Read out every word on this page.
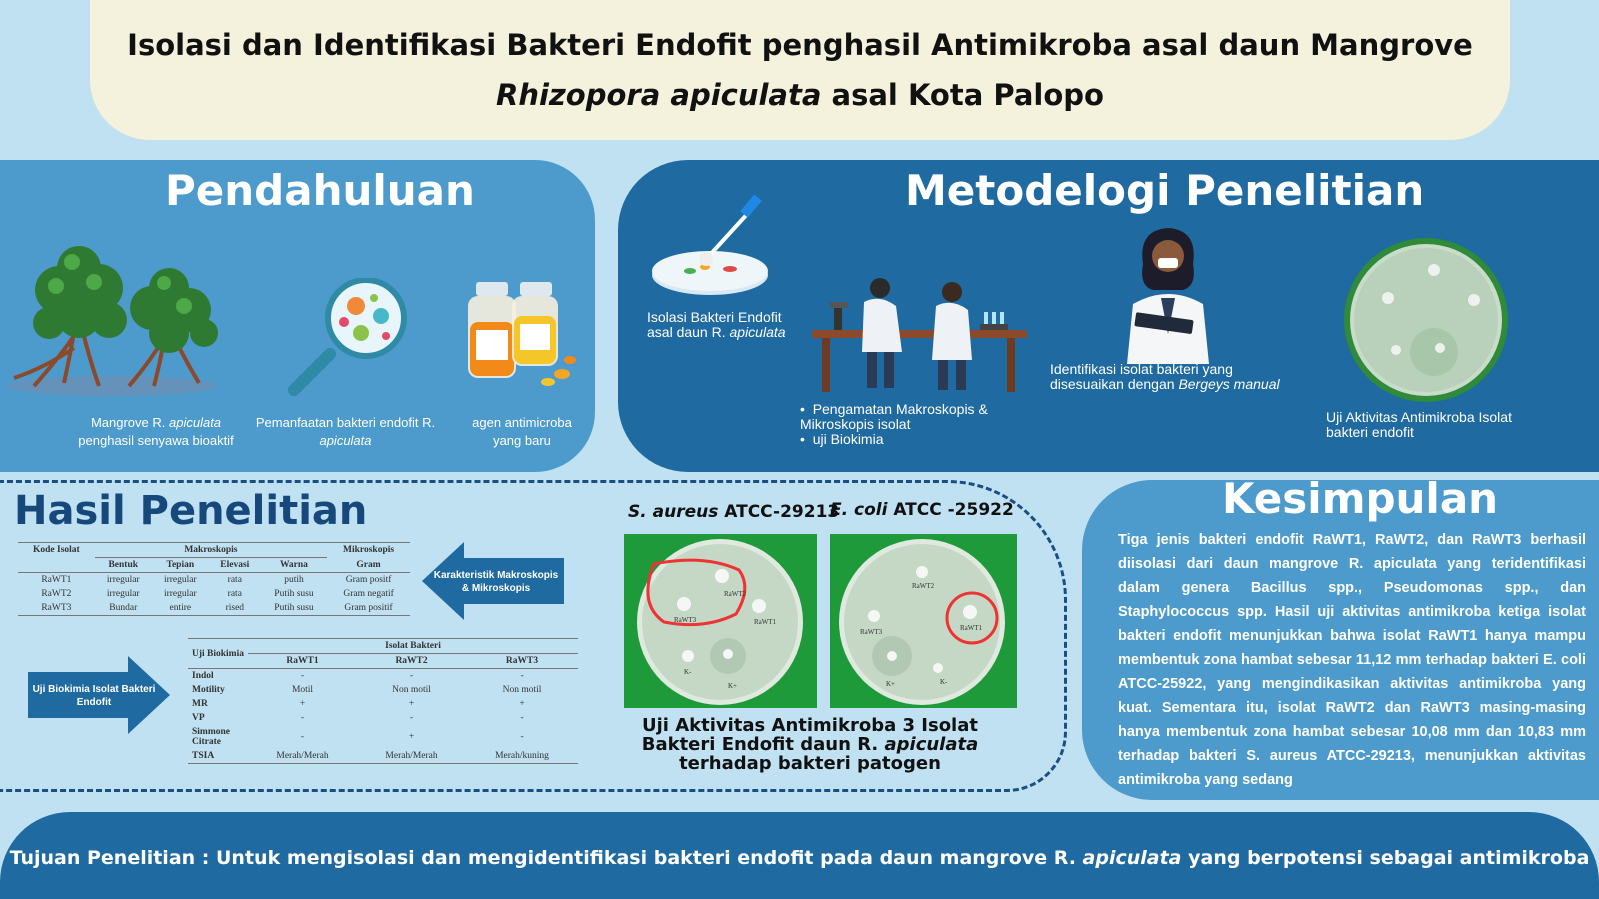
Isolasi dan Identifikasi Bakteri Endofit penghasil Antimikroba asal daun Mangrove
Rhizopora apiculata asal Kota Palopo
Pendahuluan
Mangrove R. apiculata
penghasil senyawa bioaktif
Pemanfaatan bakteri endofit R.
apiculata
agen antimicroba
yang baru
Metodelogi Penelitian
Isolasi Bakteri Endofit
asal daun R. apiculata
•  Pengamatan Makroskopis & Mikroskopis isolat
•  uji Biokimia
Identifikasi isolat bakteri yang
disesuaikan dengan Bergeys manual
Uji Aktivitas Antimikroba Isolat
bakteri endofit
Hasil Penelitian
Kode Isolat	Makroskopis				Mikroskopis
	Bentuk	Tepian	Elevasi	Warna	Gram
RaWT1	irregular	irregular	rata	putih	Gram positf
RaWT2	irregular	irregular	rata	Putih susu	Gram negatif
RaWT3	Bundar	entire	rised	Putih susu	Gram positif
Karakteristik Makroskopis & Mikroskopis
Uji Biokimia Isolat Bakteri Endofit
Uji Biokimia	Isolat Bakteri		
	RaWT1	RaWT2	RaWT3
Indol	-	-	-
Motility	Motil	Non motil	Non motil
MR	+	+	+
VP	-	-	-
Simmone Citrate	-	+	-
TSIA	Merah/Merah	Merah/Merah	Merah/kuning
S. aureus ATCC-29213
E. coli ATCC -25922
RaWT2
RaWT3	RaWT1
K-
K+
RaWT2
RaWT3	RaWT1
K-
K+
Uji Aktivitas Antimikroba 3 Isolat
Bakteri Endofit daun R. apiculata
terhadap bakteri patogen
Kesimpulan
Tiga jenis bakteri endofit RaWT1, RaWT2, dan RaWT3 berhasil diisolasi dari daun mangrove R. apiculata yang teridentifikasi dalam genera Bacillus spp., Pseudomonas spp., dan Staphylococcus spp. Hasil uji aktivitas antimikroba ketiga isolat bakteri endofit menunjukkan bahwa isolat RaWT1 hanya mampu membentuk zona hambat sebesar 11,12 mm terhadap bakteri E. coli ATCC-25922, yang mengindikasikan aktivitas antimikroba yang kuat. Sementara itu, isolat RaWT2 dan RaWT3 masing-masing hanya membentuk zona hambat sebesar 10,08 mm dan 10,83 mm terhadap bakteri S. aureus ATCC-29213, menunjukkan aktivitas antimikroba yang sedang
Tujuan Penelitian : Untuk mengisolasi dan mengidentifikasi bakteri endofit pada daun mangrove R. apiculata yang berpotensi sebagai antimikroba
